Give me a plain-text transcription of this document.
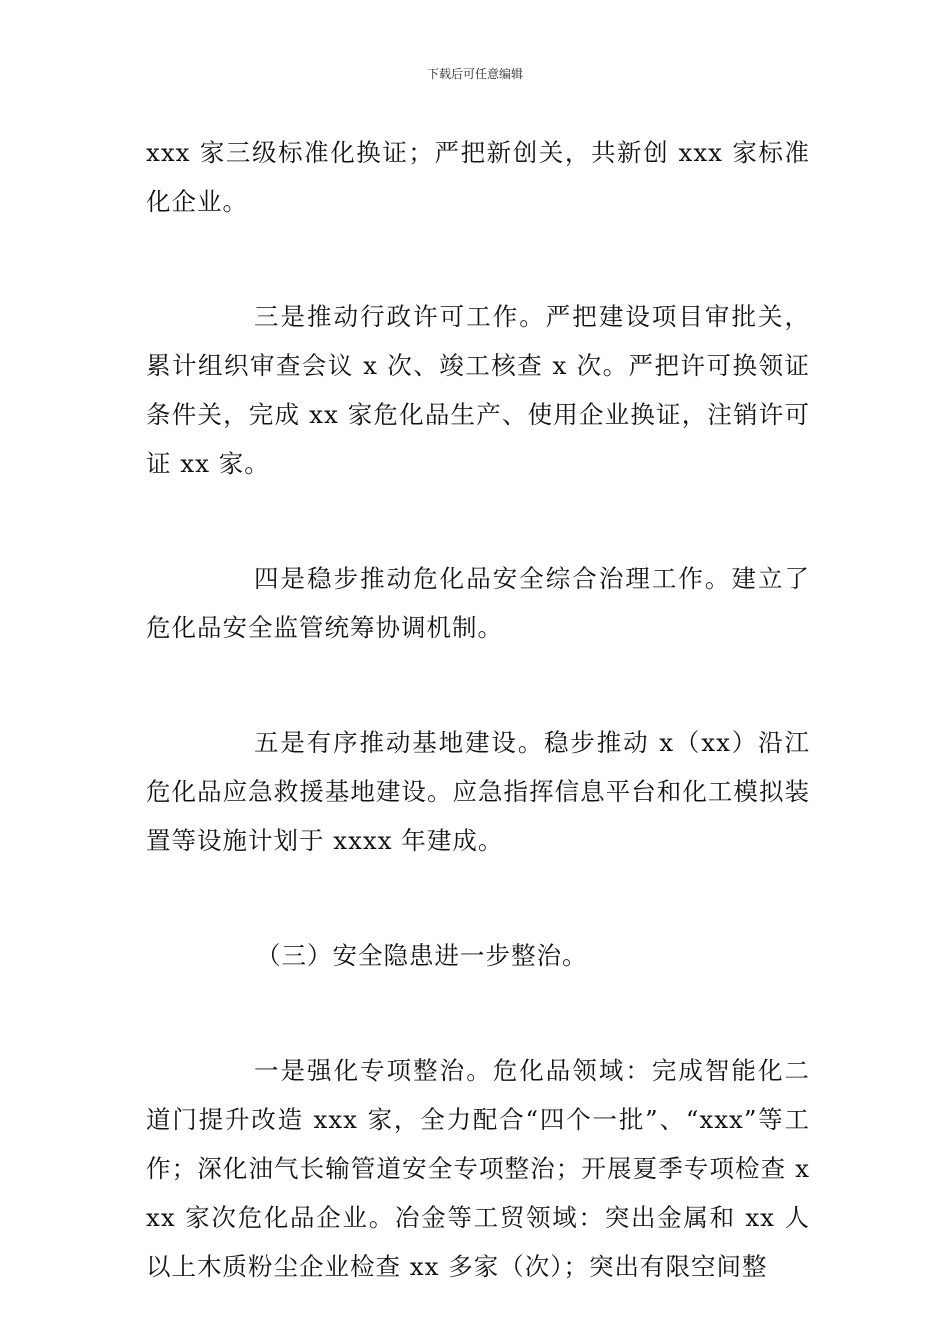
下载后可任意编辑

xxx 家三级标准化换证；严把新创关，共新创 xxx 家标准化企业。

三是推动行政许可工作。严把建设项目审批关，累计组织审查会议 x 次、竣工核查 x 次。严把许可换领证条件关，完成 xx 家危化品生产、使用企业换证，注销许可证 xx 家。

四是稳步推动危化品安全综合治理工作。建立了危化品安全监管统筹协调机制。

五是有序推动基地建设。稳步推动 x（xx）沿江危化品应急救援基地建设。应急指挥信息平台和化工模拟装置等设施计划于 xxxx 年建成。

（三）安全隐患进一步整治。

一是强化专项整治。危化品领域：完成智能化二道门提升改造 xxx 家，全力配合“四个一批”、“xxx”等工作；深化油气长输管道安全专项整治；开展夏季专项检查 xxx 家次危化品企业。冶金等工贸领域：突出金属和 xx 人以上木质粉尘企业检查 xx 多家（次）；突出有限空间整
